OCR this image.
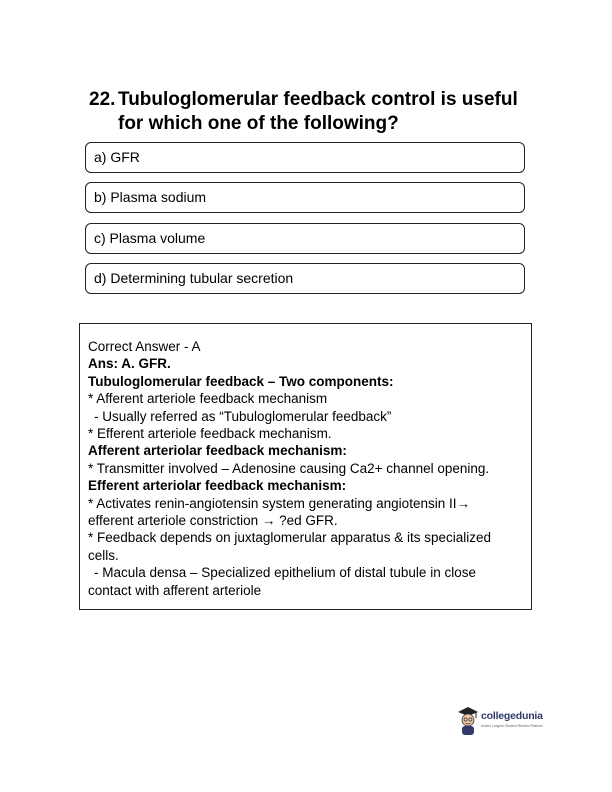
22. Tubuloglomerular feedback control is useful for which one of the following?
a) GFR
b) Plasma sodium
c) Plasma volume
d) Determining tubular secretion
Correct Answer - A
Ans: A. GFR.
Tubuloglomerular feedback – Two components:
* Afferent arteriole feedback mechanism
- Usually referred as “Tubuloglomerular feedback”
* Efferent arteriole feedback mechanism.
Afferent arteriolar feedback mechanism:
* Transmitter involved – Adenosine causing Ca2+ channel opening.
Efferent arteriolar feedback mechanism:
* Activates renin-angiotensin system generating angiotensin II→
efferent arteriole constriction → ?ed GFR.
* Feedback depends on juxtaglomerular apparatus & its specialized
cells.
- Macula densa – Specialized epithelium of distal tubule in close
contact with afferent arteriole
collegedunia
India's Largest Student Review Platform
